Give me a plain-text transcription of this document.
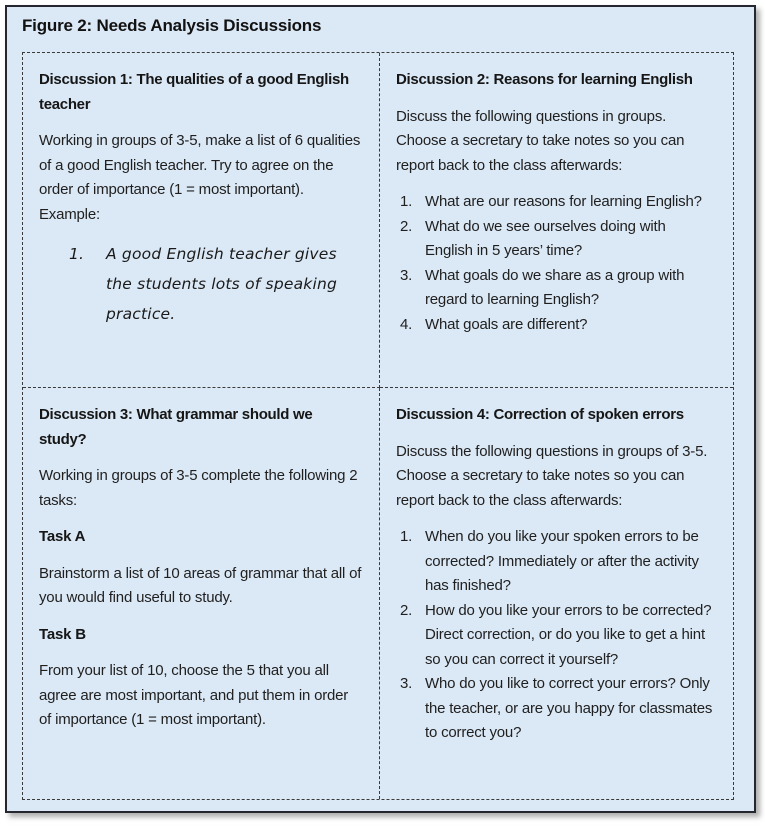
Figure 2: Needs Analysis Discussions
Discussion 1: The qualities of a good English teacher

Working in groups of 3-5, make a list of 6 qualities of a good English teacher. Try to agree on the order of importance (1 = most important). Example:

1.	A good English teacher gives the students lots of speaking practice.
Discussion 2: Reasons for learning English

Discuss the following questions in groups. Choose a secretary to take notes so you can report back to the class afterwards:

1. What are our reasons for learning English?
2. What do we see ourselves doing with English in 5 years’ time?
3. What goals do we share as a group with regard to learning English?
4. What goals are different?
Discussion 3: What grammar should we study?

Working in groups of 3-5 complete the following 2 tasks:

Task A

Brainstorm a list of 10 areas of grammar that all of you would find useful to study.

Task B

From your list of 10, choose the 5 that you all agree are most important, and put them in order of importance (1 = most important).

Discussion 4: Correction of spoken errors

Discuss the following questions in groups of 3-5. Choose a secretary to take notes so you can report back to the class afterwards:

1. When do you like your spoken errors to be corrected? Immediately or after the activity has finished?
2. How do you like your errors to be corrected? Direct correction, or do you like to get a hint so you can correct it yourself?
3. Who do you like to correct your errors? Only the teacher, or are you happy for classmates to correct you?
